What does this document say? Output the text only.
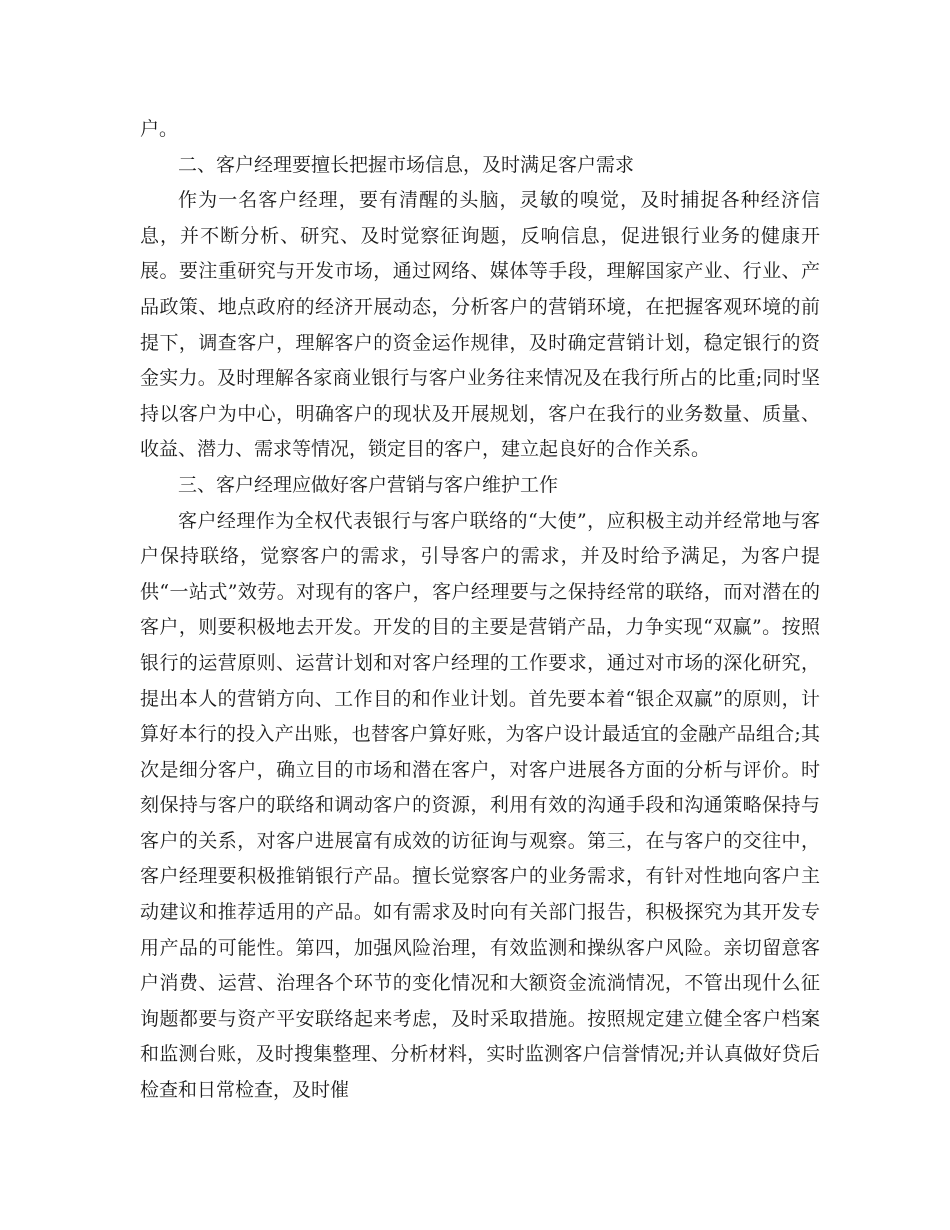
户。

二、客户经理要擅长把握市场信息，及时满足客户需求

作为一名客户经理，要有清醒的头脑，灵敏的嗅觉，及时捕捉各种经济信息，并不断分析、研究、及时觉察征询题，反响信息，促进银行业务的健康开展。要注重研究与开发市场，通过网络、媒体等手段，理解国家产业、行业、产品政策、地点政府的经济开展动态，分析客户的营销环境，在把握客观环境的前提下，调查客户，理解客户的资金运作规律，及时确定营销计划，稳定银行的资金实力。及时理解各家商业银行与客户业务往来情况及在我行所占的比重;同时坚持以客户为中心，明确客户的现状及开展规划，客户在我行的业务数量、质量、收益、潜力、需求等情况，锁定目的客户，建立起良好的合作关系。

三、客户经理应做好客户营销与客户维护工作

客户经理作为全权代表银行与客户联络的“大使”，应积极主动并经常地与客户保持联络，觉察客户的需求，引导客户的需求，并及时给予满足，为客户提供“一站式”效劳。对现有的客户，客户经理要与之保持经常的联络，而对潜在的客户，则要积极地去开发。开发的目的主要是营销产品，力争实现“双赢”。按照银行的运营原则、运营计划和对客户经理的工作要求，通过对市场的深化研究，提出本人的营销方向、工作目的和作业计划。首先要本着“银企双赢”的原则，计算好本行的投入产出账，也替客户算好账，为客户设计最适宜的金融产品组合;其次是细分客户，确立目的市场和潜在客户，对客户进展各方面的分析与评价。时刻保持与客户的联络和调动客户的资源，利用有效的沟通手段和沟通策略保持与客户的关系，对客户进展富有成效的访征询与观察。第三，在与客户的交往中，客户经理要积极推销银行产品。擅长觉察客户的业务需求，有针对性地向客户主动建议和推荐适用的产品。如有需求及时向有关部门报告，积极探究为其开发专用产品的可能性。第四，加强风险治理，有效监测和操纵客户风险。亲切留意客户消费、运营、治理各个环节的变化情况和大额资金流淌情况，不管出现什么征询题都要与资产平安联络起来考虑，及时采取措施。按照规定建立健全客户档案和监测台账，及时搜集整理、分析材料，实时监测客户信誉情况;并认真做好贷后检查和日常检查，及时催
